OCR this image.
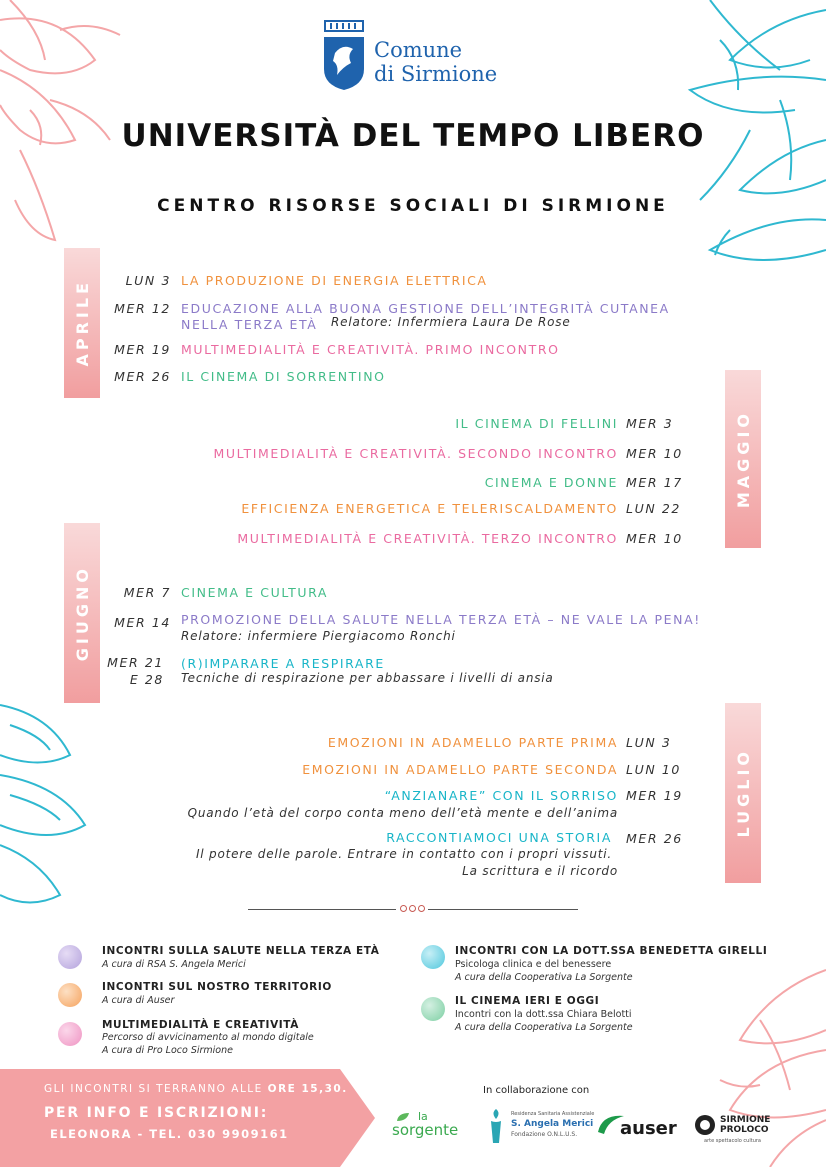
Comune
di Sirmione
UNIVERSITÀ DEL TEMPO LIBERO
CENTRO RISORSE SOCIALI DI SIRMIONE
APRILE
MAGGIO
GIUGNO
LUGLIO
LUN 3 LA PRODUZIONE DI ENERGIA ELETTRICA
MER 12 EDUCAZIONE ALLA BUONA GESTIONE DELL’INTEGRITÀ CUTANEA
NELLA TERZA ETÀ Relatore: Infermiera Laura De Rose
MER 19 MULTIMEDIALITÀ E CREATIVITÀ. PRIMO INCONTRO
MER 26 IL CINEMA DI SORRENTINO
IL CINEMA DI FELLINI MER 3
MULTIMEDIALITÀ E CREATIVITÀ. SECONDO INCONTRO MER 10
CINEMA E DONNE MER 17
EFFICIENZA ENERGETICA E TELERISCALDAMENTO LUN 22
MULTIMEDIALITÀ E CREATIVITÀ. TERZO INCONTRO MER 10
MER 7 CINEMA E CULTURA
MER 14 PROMOZIONE DELLA SALUTE NELLA TERZA ETÀ – NE VALE LA PENA!
Relatore: infermiere Piergiacomo Ronchi
MER 21
E 28
(R)IMPARARE A RESPIRARE
Tecniche di respirazione per abbassare i livelli di ansia
EMOZIONI IN ADAMELLO PARTE PRIMA LUN 3
EMOZIONI IN ADAMELLO PARTE SECONDA LUN 10
“ANZIANARE” CON IL SORRISO MER 19
Quando l’età del corpo conta meno dell’età mente e dell’anima
RACCONTIAMOCI UNA STORIA MER 26
Il potere delle parole. Entrare in contatto con i propri vissuti.
La scrittura e il ricordo
INCONTRI SULLA SALUTE NELLA TERZA ETÀ
A cura di RSA S. Angela Merici
INCONTRI SUL NOSTRO TERRITORIO
A cura di Auser
MULTIMEDIALITÀ E CREATIVITÀ
Percorso di avvicinamento al mondo digitale
A cura di Pro Loco Sirmione
INCONTRI CON LA DOTT.SSA BENEDETTA GIRELLI
Psicologa clinica e del benessere
A cura della Cooperativa La Sorgente
IL CINEMA IERI E OGGI
Incontri con la dott.ssa Chiara Belotti
A cura della Cooperativa La Sorgente
GLI INCONTRI SI TERRANNO ALLE ORE 15,30.
PER INFO E ISCRIZIONI:
ELEONORA - TEL. 030 9909161
In collaborazione con
la
sorgente
Residenza Sanitaria Assistenziale
S. Angela Merici
Fondazione O.N.L.U.S. auser	SIRMIONE
PROLOCO
arte spettacolo cultura
